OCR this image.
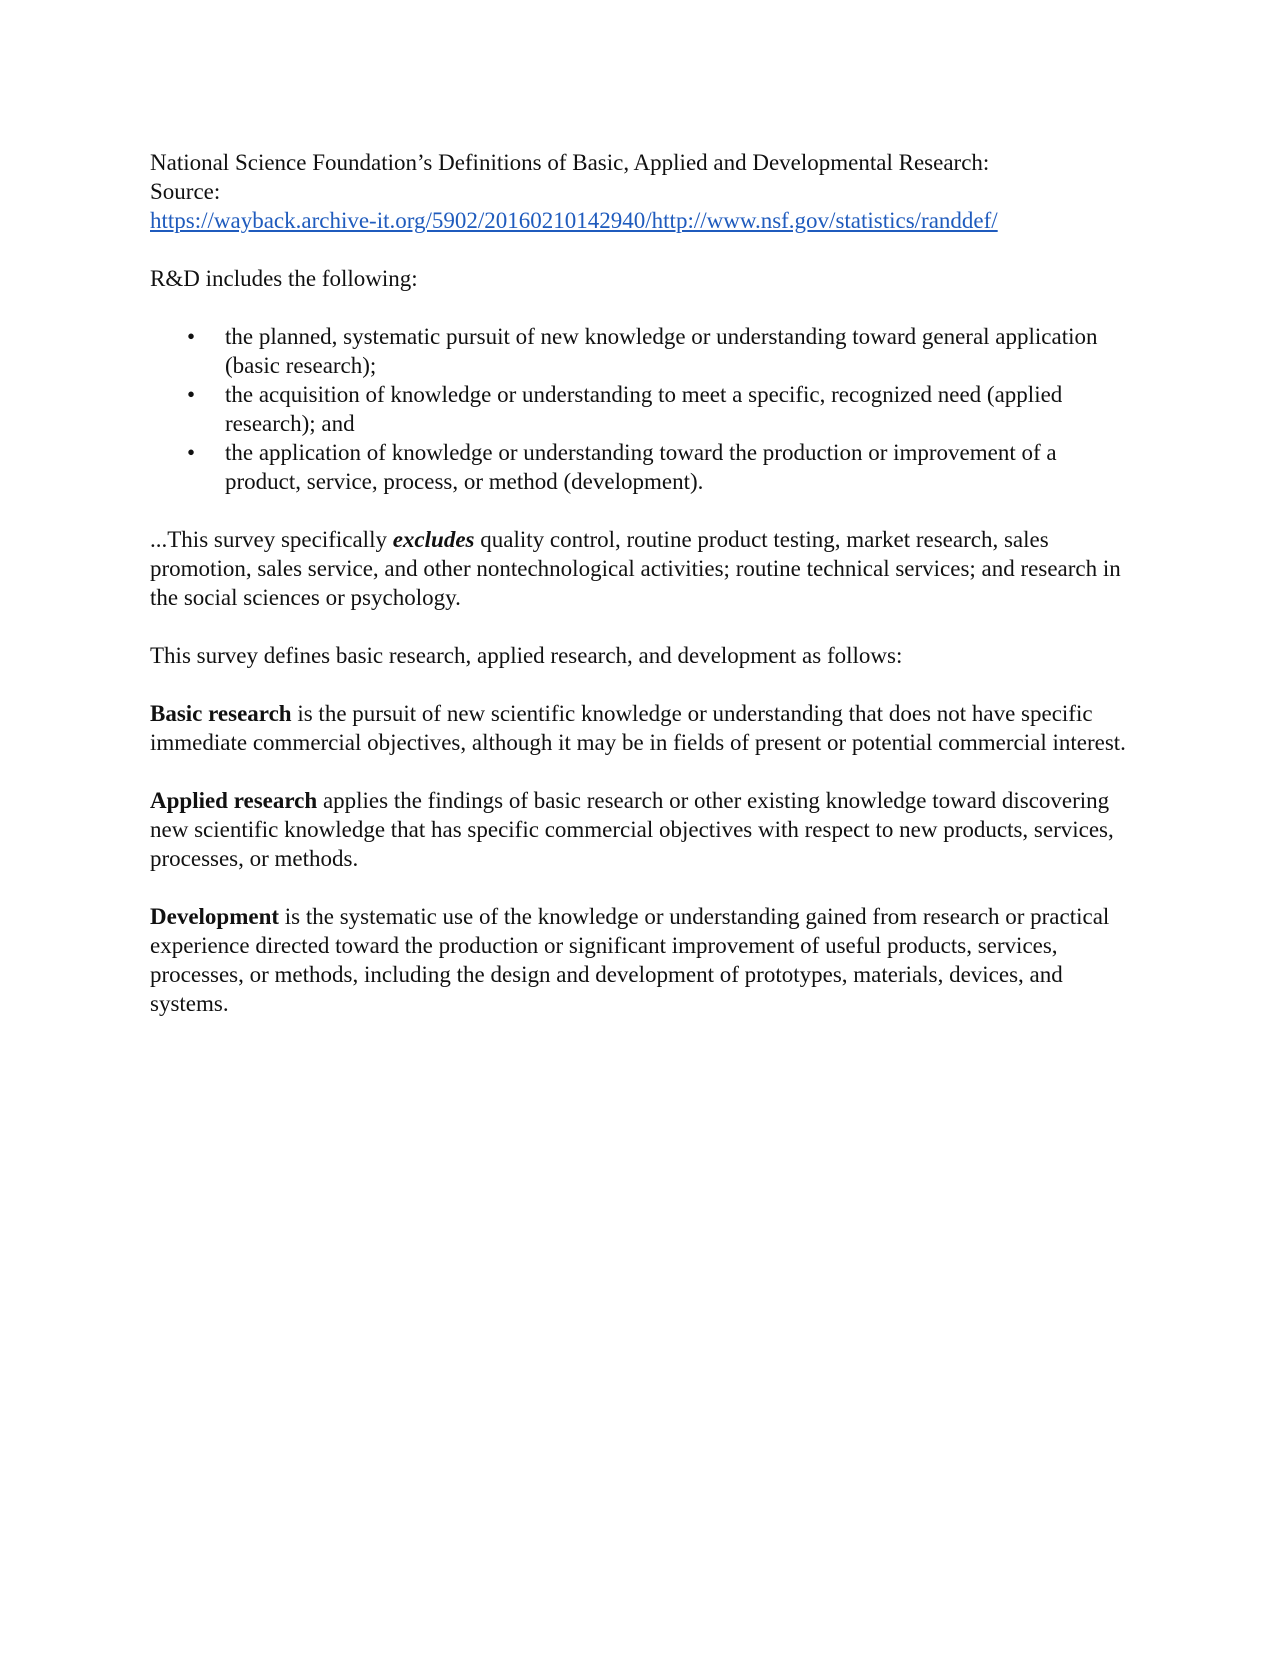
National Science Foundation’s Definitions of Basic, Applied and Developmental Research:
Source:
https://wayback.archive-it.org/5902/20160210142940/http://www.nsf.gov/statistics/randdef/

R&D includes the following:

• the planned, systematic pursuit of new knowledge or understanding toward general application (basic research);
• the acquisition of knowledge or understanding to meet a specific, recognized need (applied research); and
• the application of knowledge or understanding toward the production or improvement of a product, service, process, or method (development).

...This survey specifically excludes quality control, routine product testing, market research, sales promotion, sales service, and other nontechnological activities; routine technical services; and research in the social sciences or psychology.

This survey defines basic research, applied research, and development as follows:

Basic research is the pursuit of new scientific knowledge or understanding that does not have specific immediate commercial objectives, although it may be in fields of present or potential commercial interest.

Applied research applies the findings of basic research or other existing knowledge toward discovering new scientific knowledge that has specific commercial objectives with respect to new products, services, processes, or methods.

Development is the systematic use of the knowledge or understanding gained from research or practical experience directed toward the production or significant improvement of useful products, services, processes, or methods, including the design and development of prototypes, materials, devices, and systems.
